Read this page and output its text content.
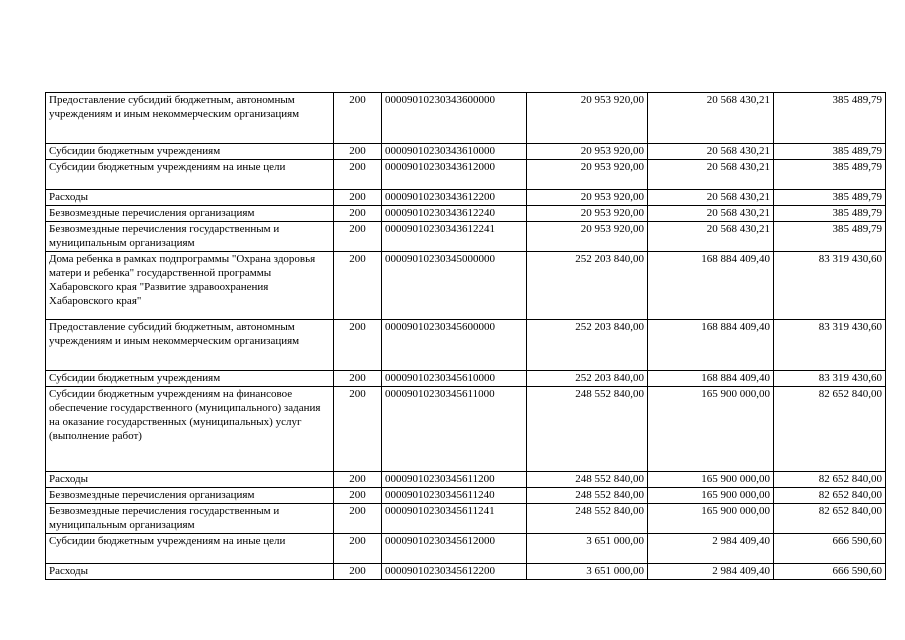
Предоставление субсидий бюджетным, автономным учреждениям и иным некоммерческим организациям	200	00009010230343600000	20 953 920,00	20 568 430,21	385 489,79
Субсидии бюджетным учреждениям	200	00009010230343610000	20 953 920,00	20 568 430,21	385 489,79
Субсидии бюджетным учреждениям на иные цели	200	00009010230343612000	20 953 920,00	20 568 430,21	385 489,79
Расходы	200	00009010230343612200	20 953 920,00	20 568 430,21	385 489,79
Безвозмездные перечисления организациям	200	00009010230343612240	20 953 920,00	20 568 430,21	385 489,79
Безвозмездные перечисления государственным и муниципальным организациям	200	00009010230343612241	20 953 920,00	20 568 430,21	385 489,79
Дома ребенка в рамках подпрограммы "Охрана здоровья матери и ребенка" государственной программы Хабаровского края "Развитие здравоохранения Хабаровского края"	200	00009010230345000000	252 203 840,00	168 884 409,40	83 319 430,60
Предоставление субсидий бюджетным, автономным учреждениям и иным некоммерческим организациям	200	00009010230345600000	252 203 840,00	168 884 409,40	83 319 430,60
Субсидии бюджетным учреждениям	200	00009010230345610000	252 203 840,00	168 884 409,40	83 319 430,60
Субсидии бюджетным учреждениям на финансовое обеспечение государственного (муниципального) задания на оказание государственных (муниципальных) услуг (выполнение работ)	200	00009010230345611000	248 552 840,00	165 900 000,00	82 652 840,00
Расходы	200	00009010230345611200	248 552 840,00	165 900 000,00	82 652 840,00
Безвозмездные перечисления организациям	200	00009010230345611240	248 552 840,00	165 900 000,00	82 652 840,00
Безвозмездные перечисления государственным и муниципальным организациям	200	00009010230345611241	248 552 840,00	165 900 000,00	82 652 840,00
Субсидии бюджетным учреждениям на иные цели	200	00009010230345612000	3 651 000,00	2 984 409,40	666 590,60
Расходы	200	00009010230345612200	3 651 000,00	2 984 409,40	666 590,60
